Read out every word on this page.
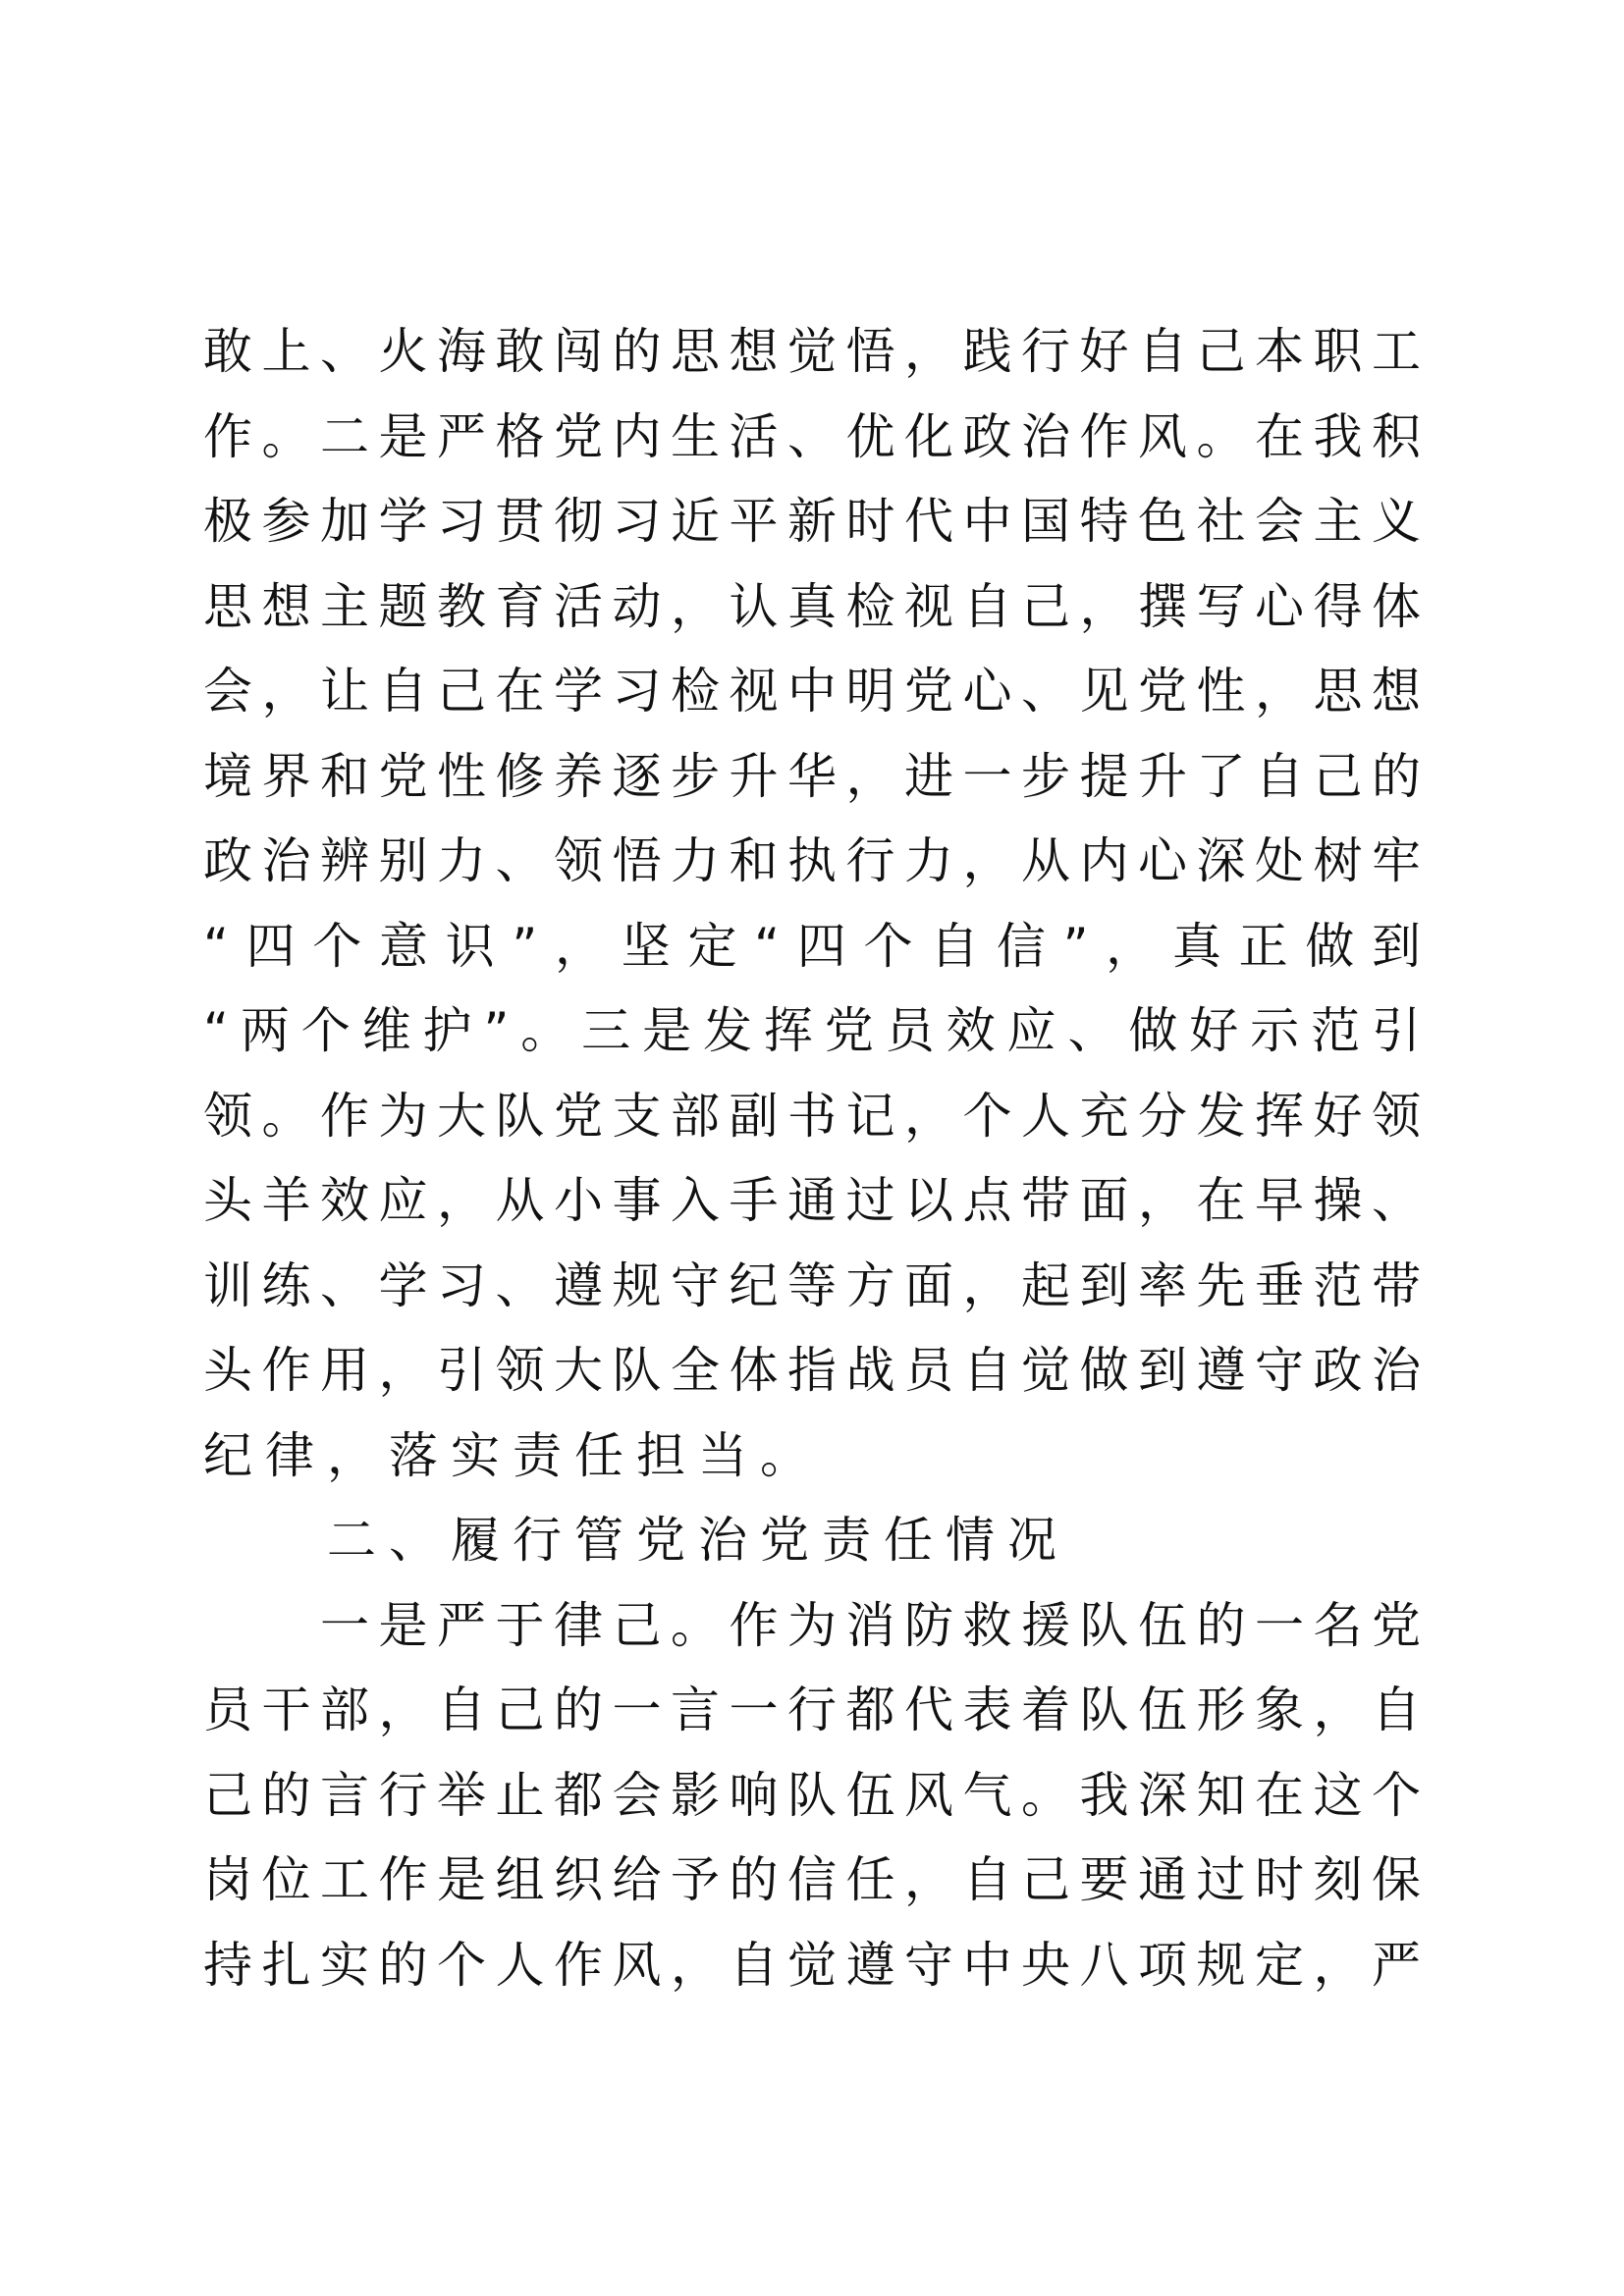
敢上、火海敢闯的思想觉悟，践行好自己本职工
作。二是严格党内生活、优化政治作风。在我积
极参加学习贯彻习近平新时代中国特色社会主义
思想主题教育活动，认真检视自己，撰写心得体
会，让自己在学习检视中明党心、见党性，思想
境界和党性修养逐步升华，进一步提升了自己的
政治辨别力、领悟力和执行力，从内心深处树牢
“四个意识”，坚定“四个自信”，真正做到
“两个维护”。三是发挥党员效应、做好示范引
领。作为大队党支部副书记，个人充分发挥好领
头羊效应，从小事入手通过以点带面，在早操、
训练、学习、遵规守纪等方面，起到率先垂范带
头作用，引领大队全体指战员自觉做到遵守政治
纪律，落实责任担当。
　　二、履行管党治党责任情况
　　一是严于律己。作为消防救援队伍的一名党
员干部，自己的一言一行都代表着队伍形象，自
己的言行举止都会影响队伍风气。我深知在这个
岗位工作是组织给予的信任，自己要通过时刻保
持扎实的个人作风，自觉遵守中央八项规定，严
